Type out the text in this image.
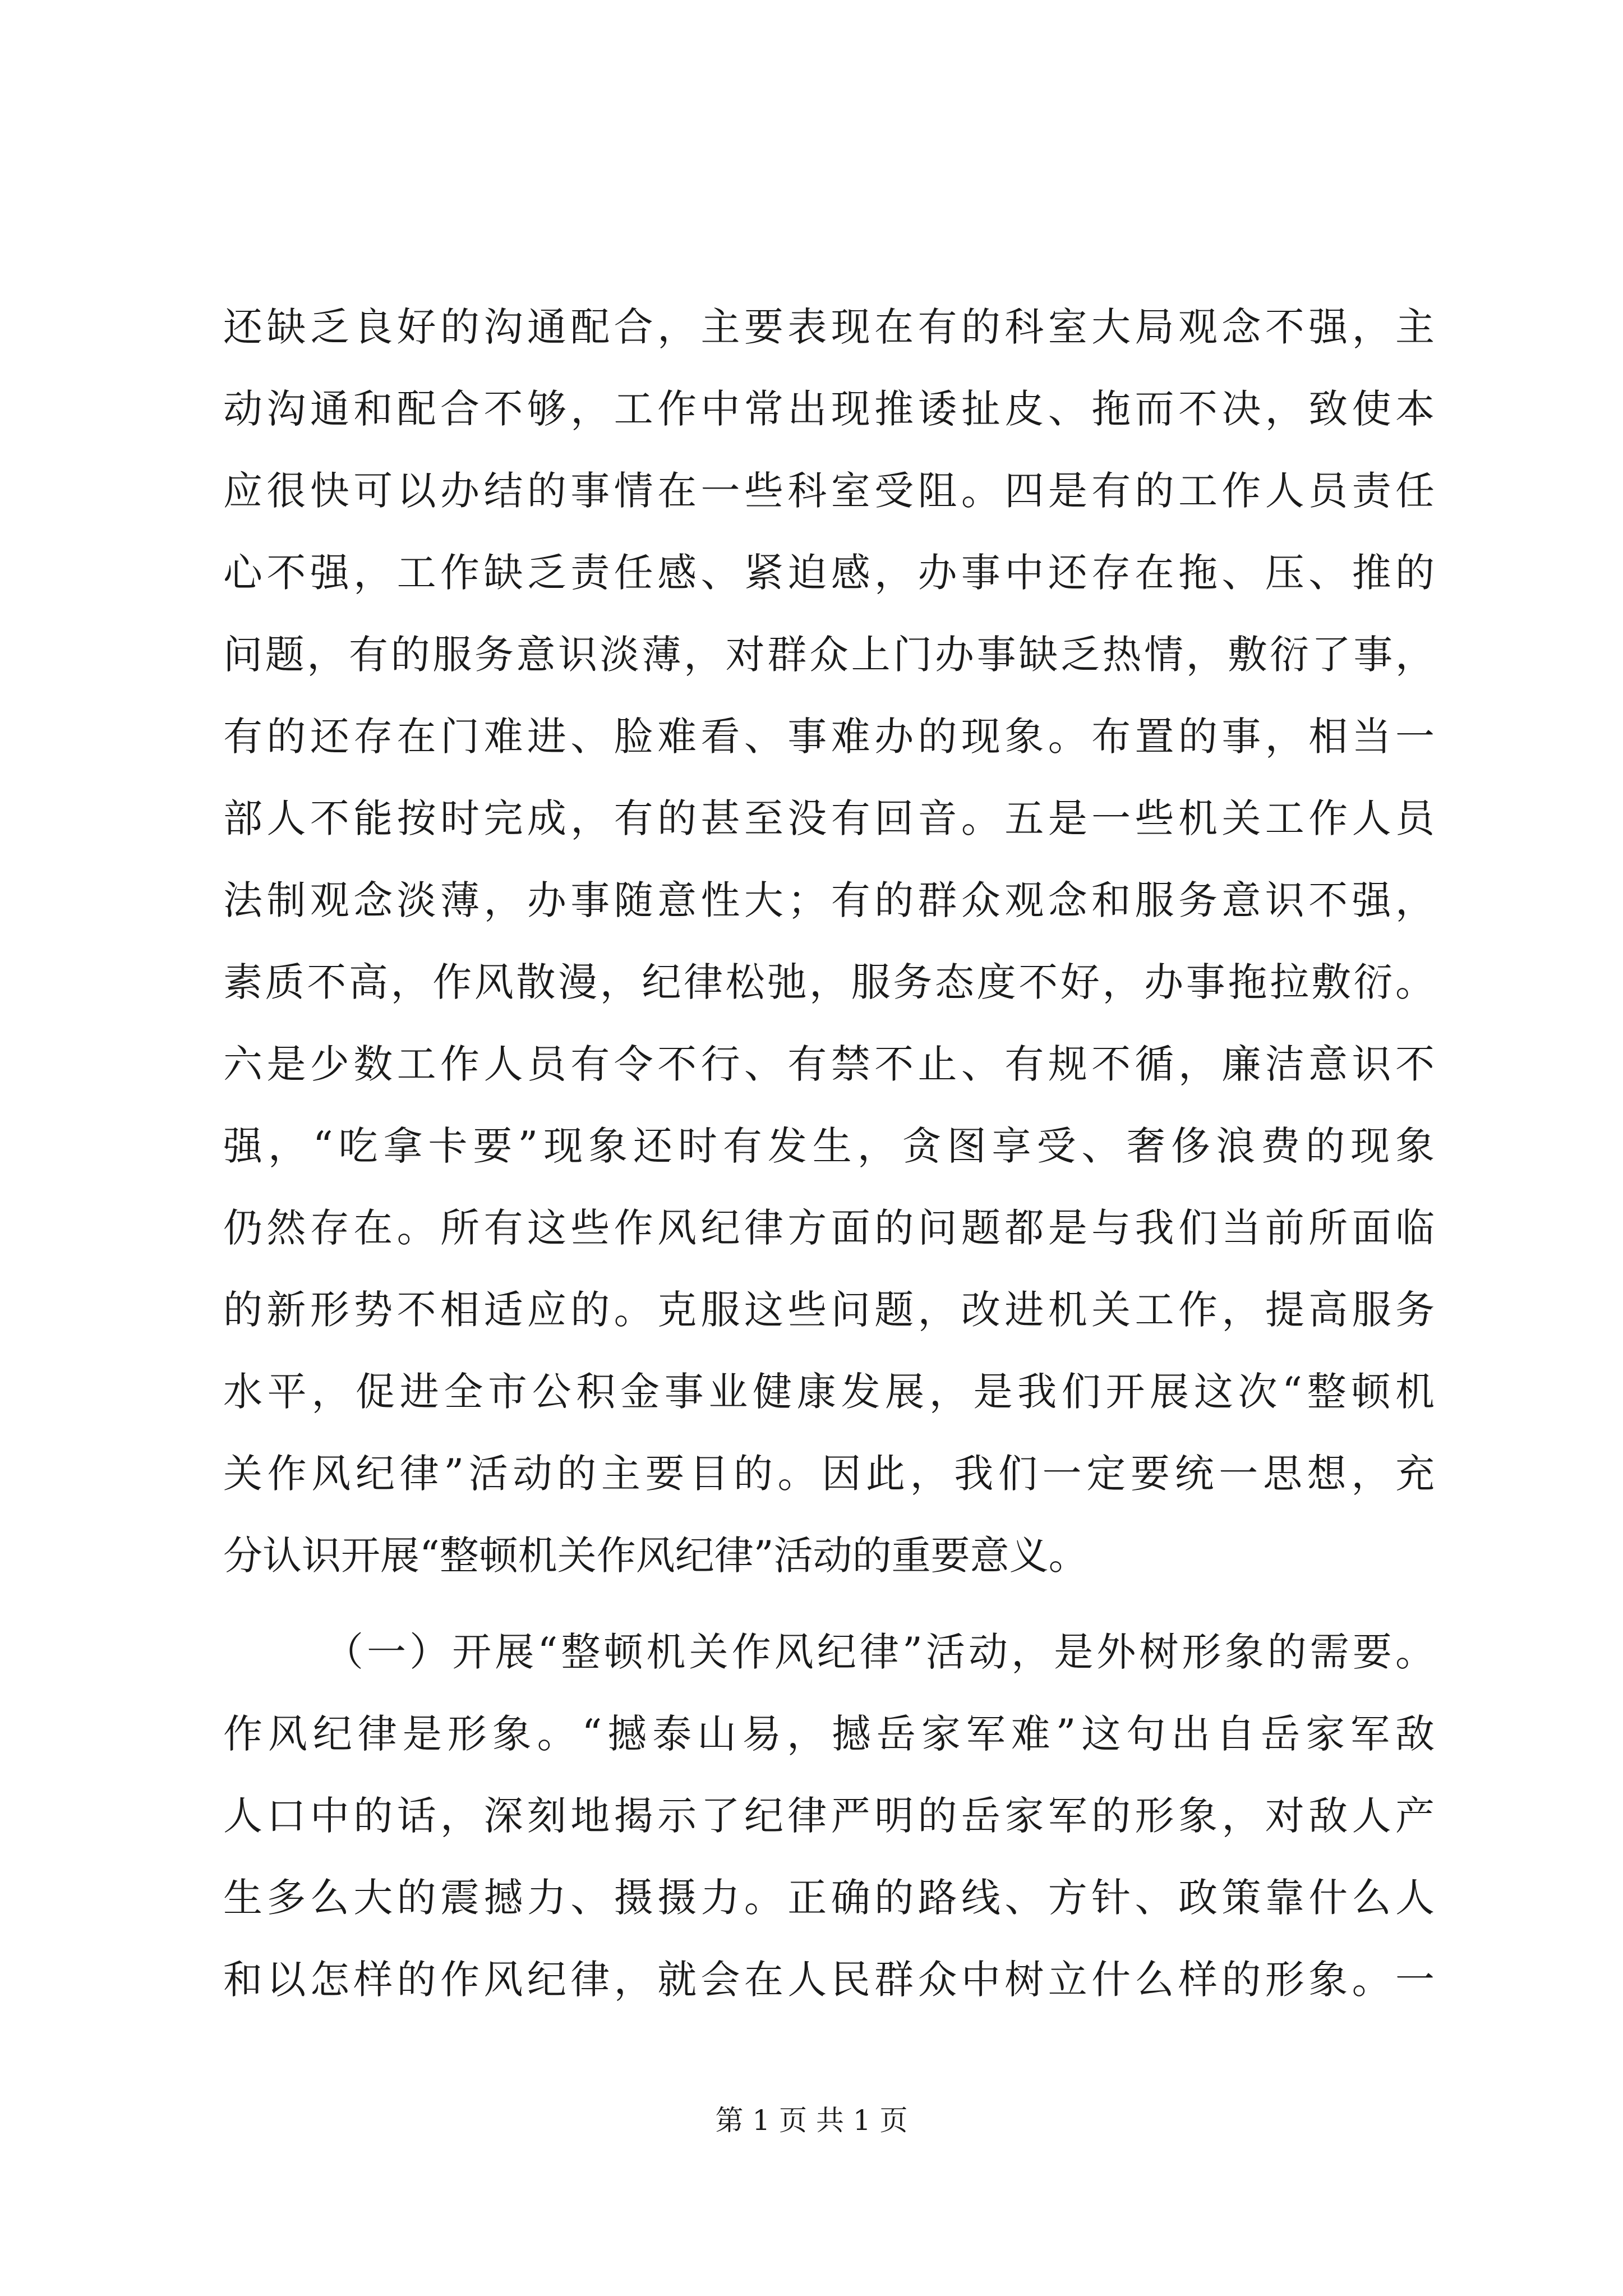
还缺乏良好的沟通配合，主要表现在有的科室大局观念不强，主
动沟通和配合不够，工作中常出现推诿扯皮、拖而不决，致使本
应很快可以办结的事情在一些科室受阻。四是有的工作人员责任
心不强，工作缺乏责任感、紧迫感，办事中还存在拖、压、推的
问题，有的服务意识淡薄，对群众上门办事缺乏热情，敷衍了事，
有的还存在门难进、脸难看、事难办的现象。布置的事，相当一
部人不能按时完成，有的甚至没有回音。五是一些机关工作人员
法制观念淡薄，办事随意性大；有的群众观念和服务意识不强，
素质不高，作风散漫，纪律松弛，服务态度不好，办事拖拉敷衍。
六是少数工作人员有令不行、有禁不止、有规不循，廉洁意识不
强，“吃拿卡要”现象还时有发生，贪图享受、奢侈浪费的现象
仍然存在。所有这些作风纪律方面的问题都是与我们当前所面临
的新形势不相适应的。克服这些问题，改进机关工作，提高服务
水平，促进全市公积金事业健康发展，是我们开展这次“整顿机
关作风纪律”活动的主要目的。因此，我们一定要统一思想，充
分认识开展“整顿机关作风纪律”活动的重要意义。
（一）开展“整顿机关作风纪律”活动，是外树形象的需要。
作风纪律是形象。“撼泰山易，撼岳家军难”这句出自岳家军敌
人口中的话，深刻地揭示了纪律严明的岳家军的形象，对敌人产
生多么大的震撼力、摄摄力。正确的路线、方针、政策靠什么人
和以怎样的作风纪律，就会在人民群众中树立什么样的形象。一
第 1 页 共 1 页
